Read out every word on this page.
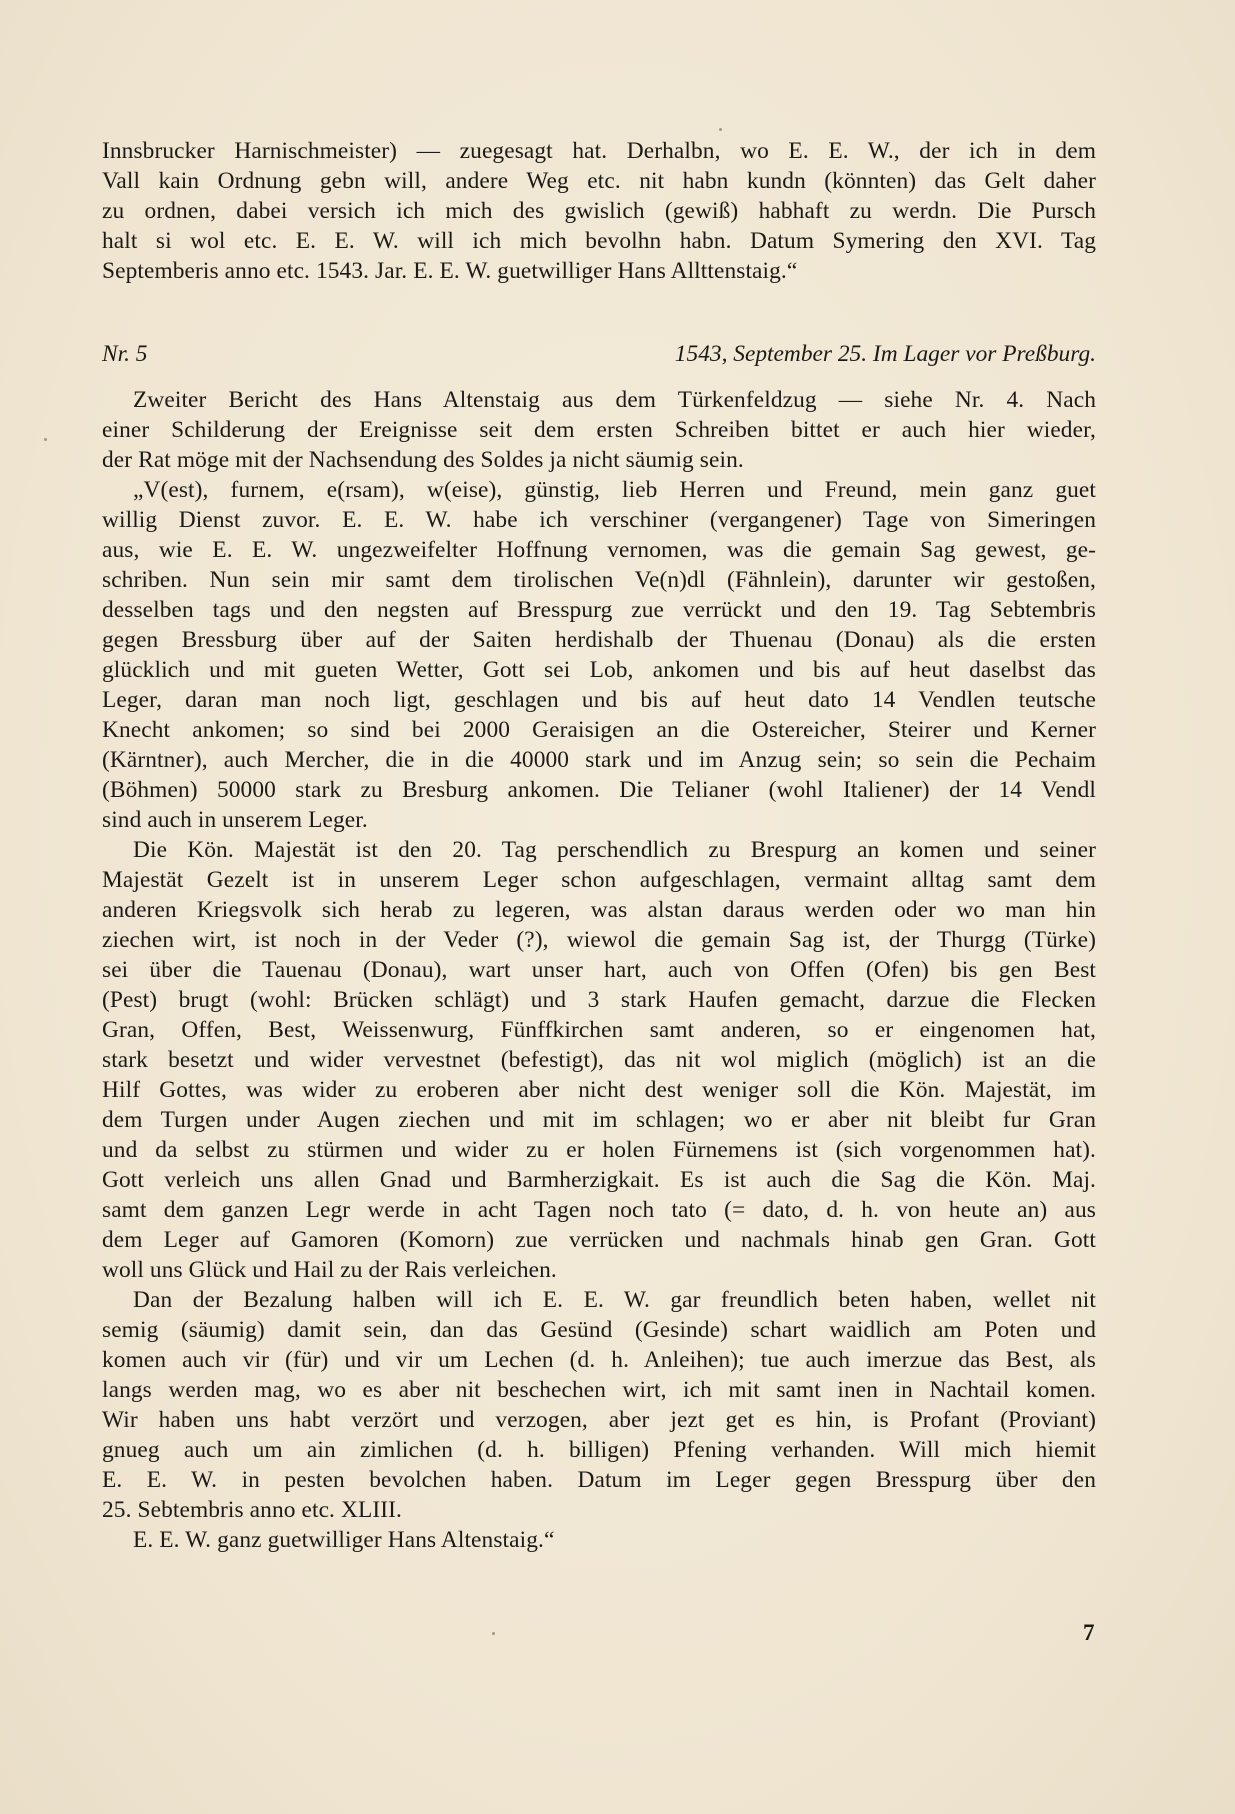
Innsbrucker Harnischmeister) — zuegesagt hat. Derhalbn, wo E. E. W., der ich in dem
Vall kain Ordnung gebn will, andere Weg etc. nit habn kundn (könnten) das Gelt daher
zu ordnen, dabei versich ich mich des gwislich (gewiß) habhaft zu werdn. Die Pursch
halt si wol etc. E. E. W. will ich mich bevolhn habn. Datum Symering den XVI. Tag
Septemberis anno etc. 1543. Jar. E. E. W. guetwilliger Hans Allttenstaig.“

Nr. 5	1543, September 25. Im Lager vor Preßburg.

Zweiter Bericht des Hans Altenstaig aus dem Türkenfeldzug — siehe Nr. 4. Nach
einer Schilderung der Ereignisse seit dem ersten Schreiben bittet er auch hier wieder,
der Rat möge mit der Nachsendung des Soldes ja nicht säumig sein.

„V(est), furnem, e(rsam), w(eise), günstig, lieb Herren und Freund, mein ganz guet
willig Dienst zuvor. E. E. W. habe ich verschiner (vergangener) Tage von Simeringen
aus, wie E. E. W. ungezweifelter Hoffnung vernomen, was die gemain Sag gewest, ge-
schriben. Nun sein mir samt dem tirolischen Ve(n)dl (Fähnlein), darunter wir gestoßen,
desselben tags und den negsten auf Bresspurg zue verrückt und den 19. Tag Sebtembris
gegen Bressburg über auf der Saiten herdishalb der Thuenau (Donau) als die ersten
glücklich und mit gueten Wetter, Gott sei Lob, ankomen und bis auf heut daselbst das
Leger, daran man noch ligt, geschlagen und bis auf heut dato 14 Vendlen teutsche
Knecht ankomen; so sind bei 2000 Geraisigen an die Ostereicher, Steirer und Kerner
(Kärntner), auch Mercher, die in die 40000 stark und im Anzug sein; so sein die Pechaim
(Böhmen) 50000 stark zu Bresburg ankomen. Die Telianer (wohl Italiener) der 14 Vendl
sind auch in unserem Leger.

Die Kön. Majestät ist den 20. Tag perschendlich zu Brespurg an komen und seiner
Majestät Gezelt ist in unserem Leger schon aufgeschlagen, vermaint alltag samt dem
anderen Kriegsvolk sich herab zu legeren, was alstan daraus werden oder wo man hin
ziechen wirt, ist noch in der Veder (?), wiewol die gemain Sag ist, der Thurgg (Türke)
sei über die Tauenau (Donau), wart unser hart, auch von Offen (Ofen) bis gen Best
(Pest) brugt (wohl: Brücken schlägt) und 3 stark Haufen gemacht, darzue die Flecken
Gran, Offen, Best, Weissenwurg, Fünffkirchen samt anderen, so er eingenomen hat,
stark besetzt und wider vervestnet (befestigt), das nit wol miglich (möglich) ist an die
Hilf Gottes, was wider zu eroberen aber nicht dest weniger soll die Kön. Majestät, im
dem Turgen under Augen ziechen und mit im schlagen; wo er aber nit bleibt fur Gran
und da selbst zu stürmen und wider zu er holen Fürnemens ist (sich vorgenommen hat).
Gott verleich uns allen Gnad und Barmherzigkait. Es ist auch die Sag die Kön. Maj.
samt dem ganzen Legr werde in acht Tagen noch tato (= dato, d. h. von heute an) aus
dem Leger auf Gamoren (Komorn) zue verrücken und nachmals hinab gen Gran. Gott
woll uns Glück und Hail zu der Rais verleichen.

Dan der Bezalung halben will ich E. E. W. gar freundlich beten haben, wellet nit
semig (säumig) damit sein, dan das Gesünd (Gesinde) schart waidlich am Poten und
komen auch vir (für) und vir um Lechen (d. h. Anleihen); tue auch imerzue das Best, als
langs werden mag, wo es aber nit beschechen wirt, ich mit samt inen in Nachtail komen.
Wir haben uns habt verzört und verzogen, aber jezt get es hin, is Profant (Proviant)
gnueg auch um ain zimlichen (d. h. billigen) Pfening verhanden. Will mich hiemit
E. E. W. in pesten bevolchen haben. Datum im Leger gegen Bresspurg über den
25. Sebtembris anno etc. XLIII.

E. E. W. ganz guetwilliger Hans Altenstaig.“

7
